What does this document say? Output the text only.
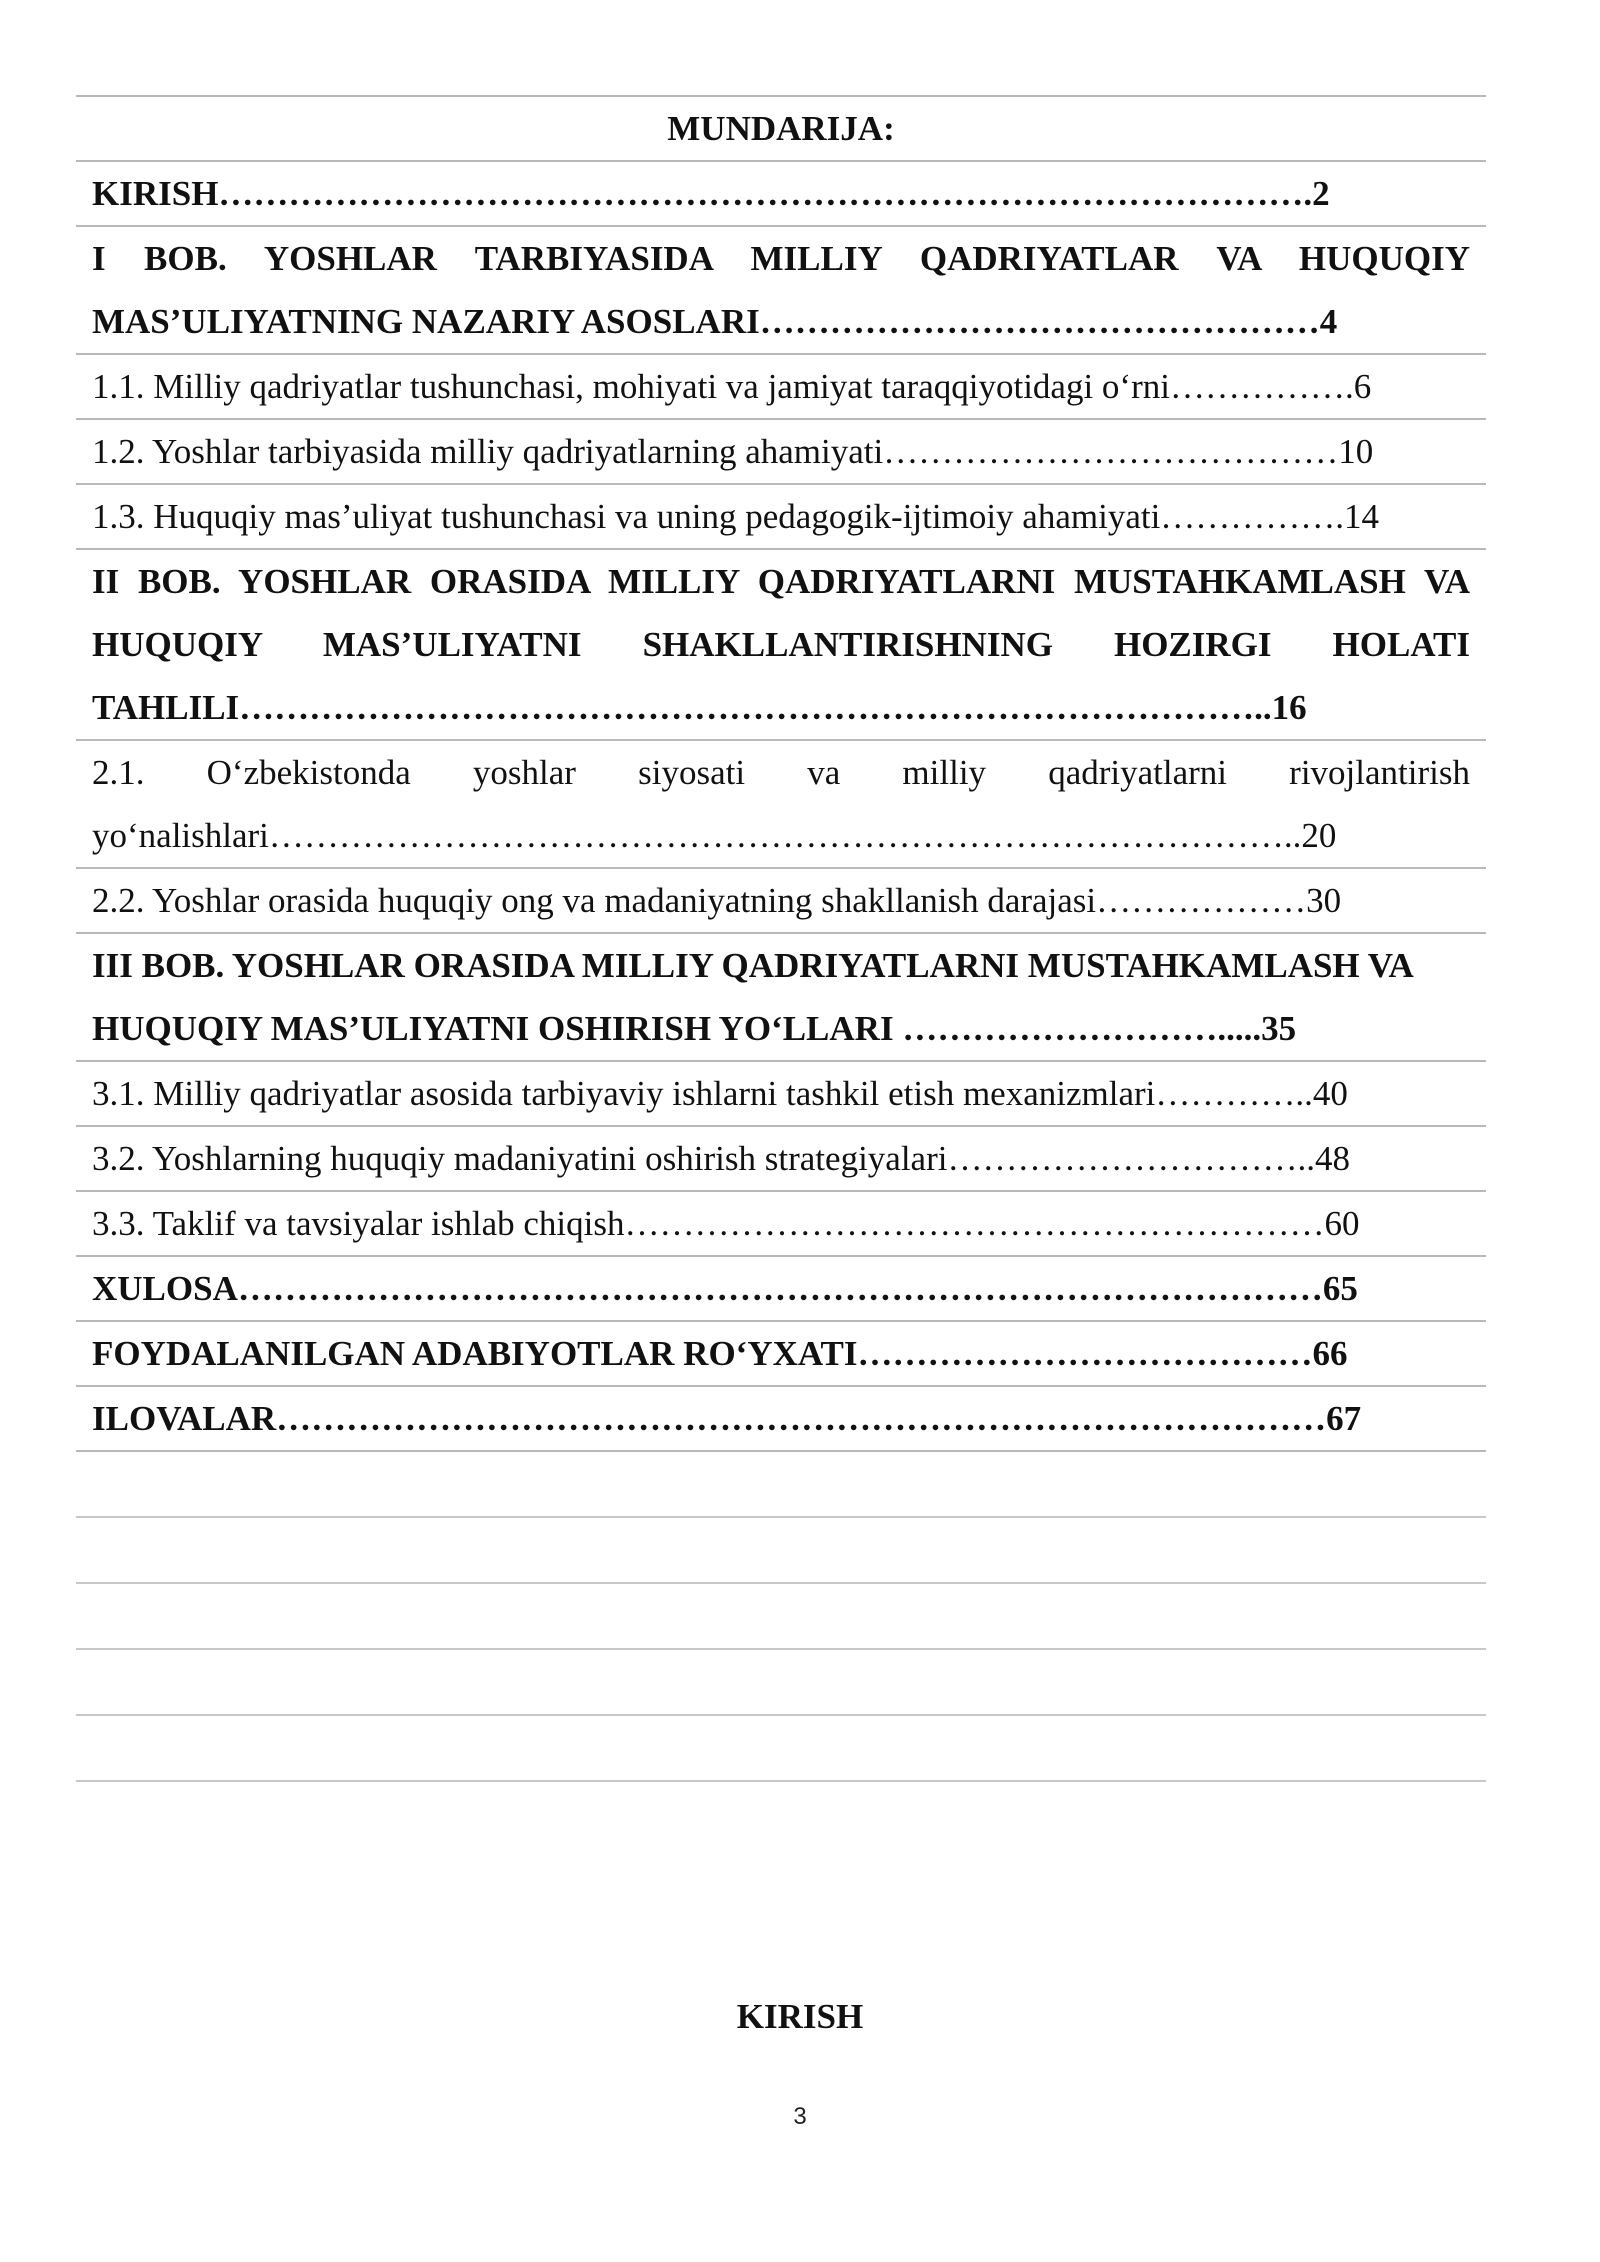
MUNDARIJA:
KIRISH………………………………………………………………………………….2
I BOB. YOSHLAR TARBIYASIDA MILLIY QADRIYATLAR VA HUQUQIY MAS’ULIYATNING NAZARIY ASOSLARI…………………………………………4
1.1. Milliy qadriyatlar tushunchasi, mohiyati va jamiyat taraqqiyotidagi o‘rni…………….6
1.2. Yoshlar tarbiyasida milliy qadriyatlarning ahamiyati…………………………………10
1.3. Huquqiy mas’uliyat tushunchasi va uning pedagogik-ijtimoiy ahamiyati…………….14
II BOB. YOSHLAR ORASIDA MILLIY QADRIYATLARNI MUSTAHKAMLASH VA HUQUQIY MAS’ULIYATNI SHAKLLANTIRISHNING HOZIRGI HOLATI TAHLILI……………………………………………………………………………..16
2.1. O‘zbekistonda yoshlar siyosati va milliy qadriyatlarni rivojlantirish yo‘nalishlari……………………………………………………………………………..20
2.2. Yoshlar orasida huquqiy ong va madaniyatning shakllanish darajasi………………30
III BOB. YOSHLAR ORASIDA MILLIY QADRIYATLARNI MUSTAHKAMLASH VA HUQUQIY MAS’ULIYATNI OSHIRISH YO‘LLARI ……………………….....35
3.1. Milliy qadriyatlar asosida tarbiyaviy ishlarni tashkil etish mexanizmlari…………..40
3.2. Yoshlarning huquqiy madaniyatini oshirish strategiyalari…………………………..48
3.3. Taklif va tavsiyalar ishlab chiqish……………………………………………………60
XULOSA…………………………………………………………………………………65
FOYDALANILGAN ADABIYOTLAR RO‘YXATI…………………………………66
ILOVALAR………………………………………………………………………………67
KIRISH
3
